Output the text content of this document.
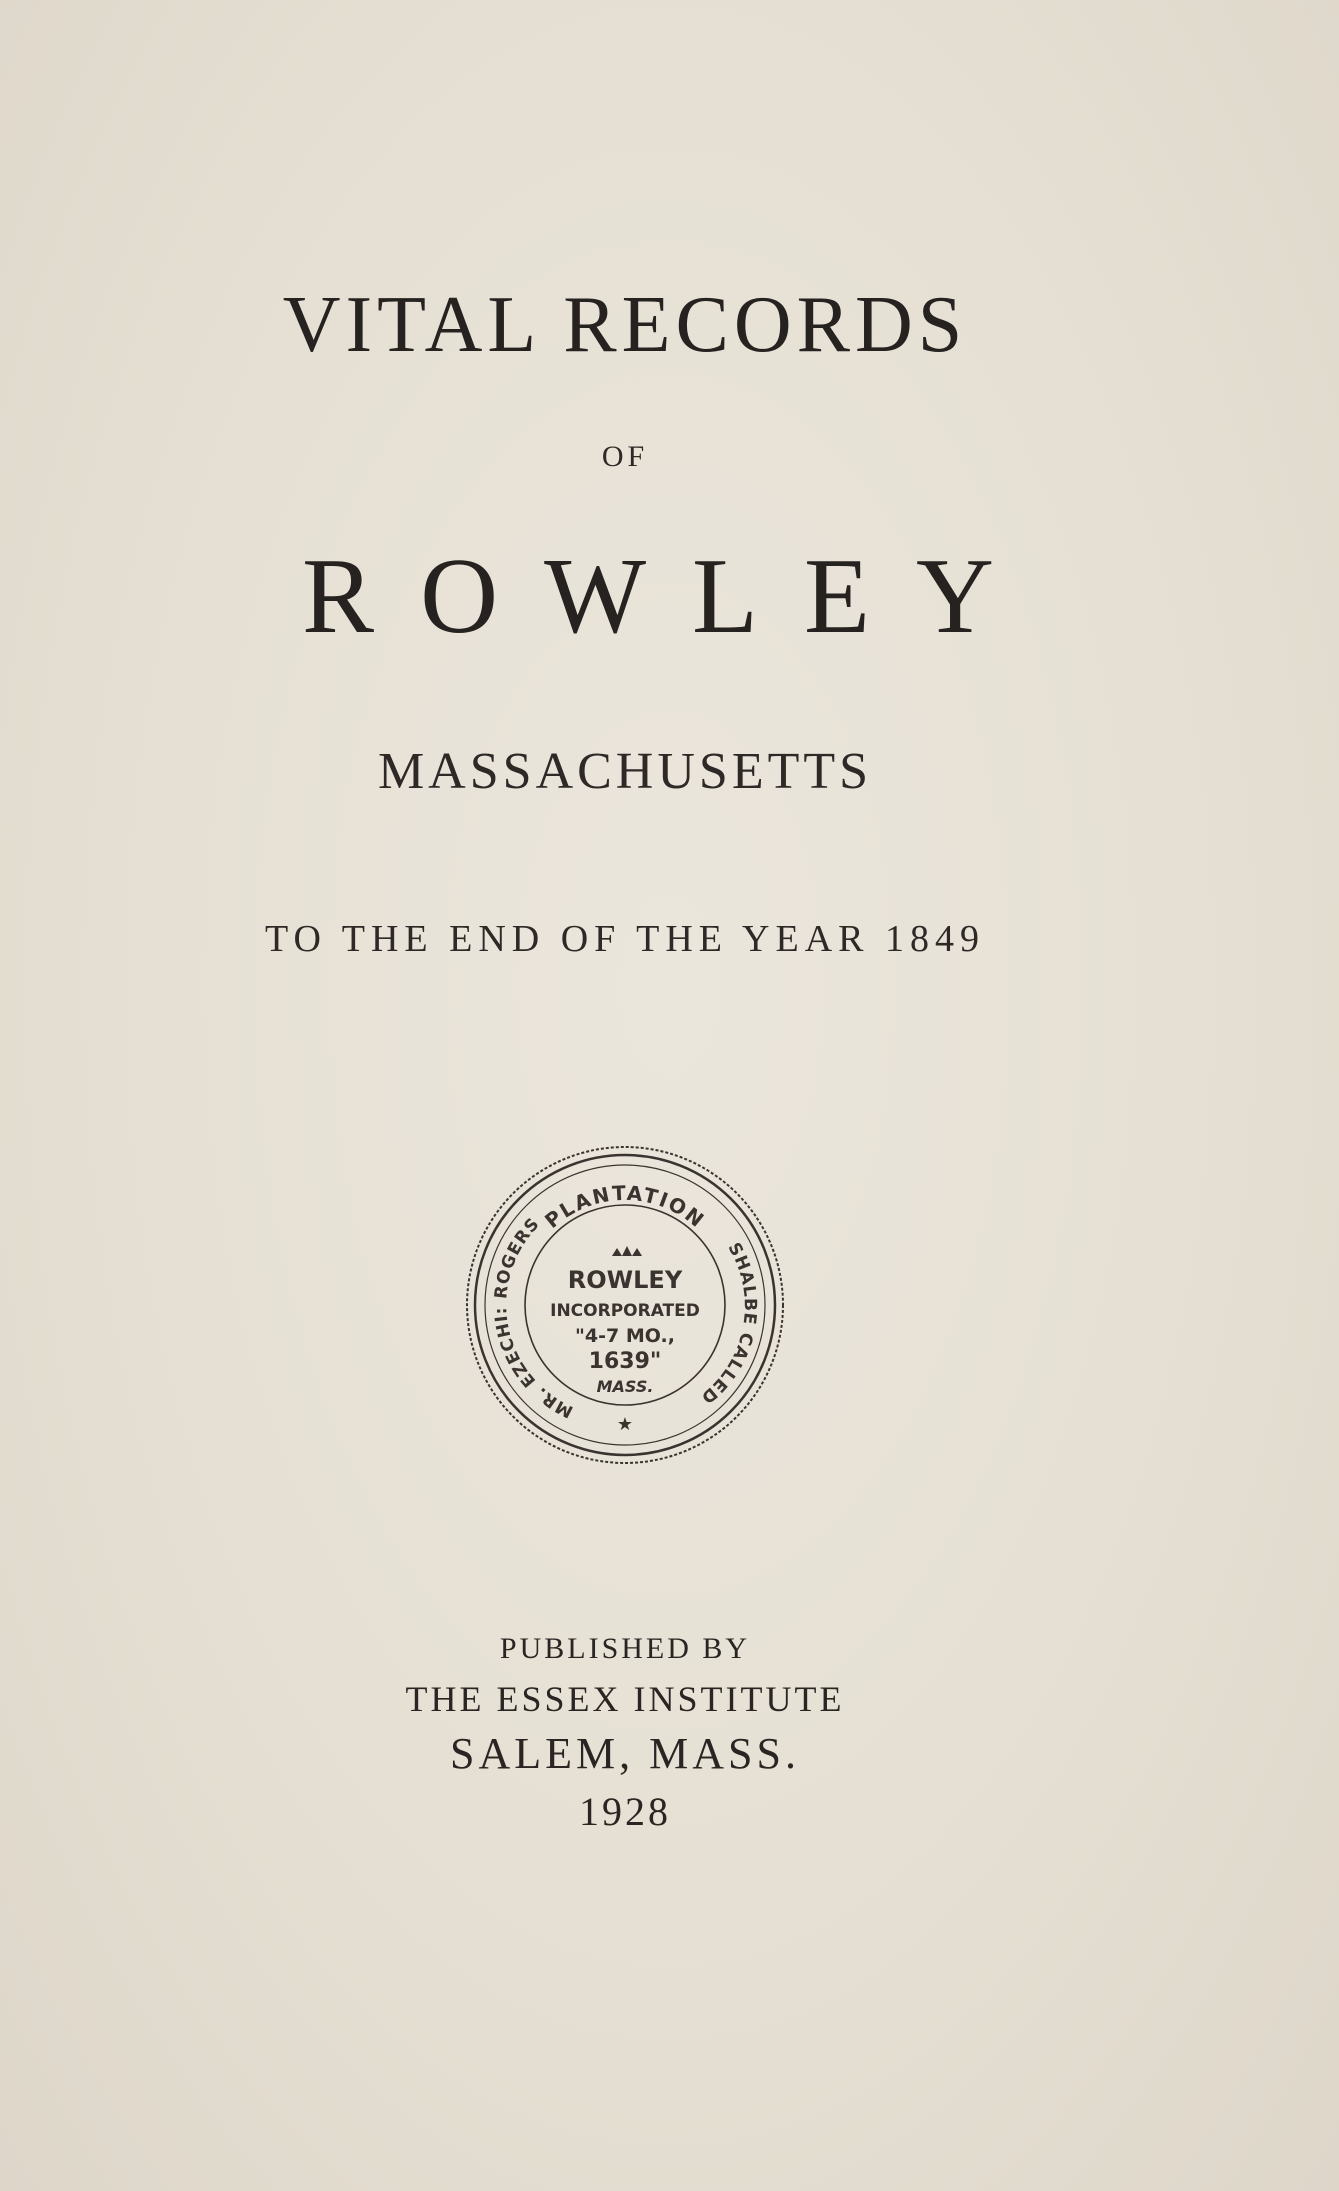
VITAL RECORDS
OF
ROWLEY
MASSACHUSETTS
TO THE END OF THE YEAR 1849
PLANTATION
MR. EZECHI: ROGERS
SHALBE CALLED
ROWLEY
INCORPORATED
"4-7 MO.,
1639"
MASS.
★
PUBLISHED BY
THE ESSEX INSTITUTE
SALEM, MASS.
1928
